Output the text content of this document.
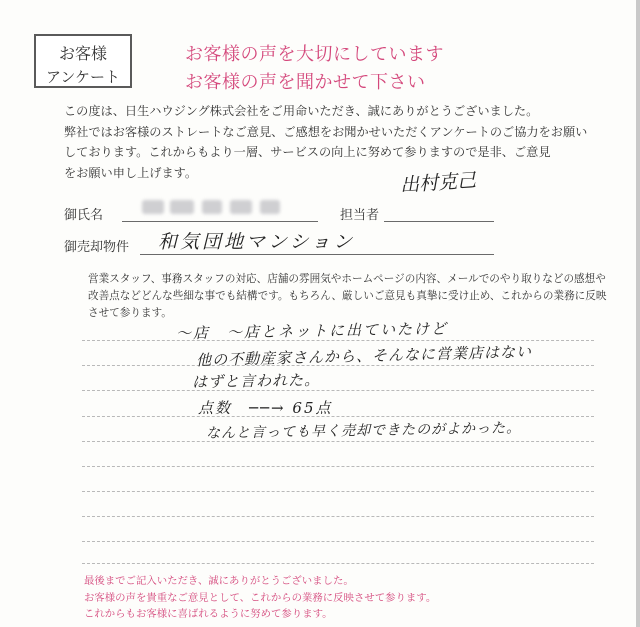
お客様
アンケート
お客様の声を大切にしています
お客様の声を聞かせて下さい
この度は、日生ハウジング株式会社をご用命いただき、誠にありがとうございました。
弊社ではお客様のストレートなご意見、ご感想をお聞かせいただくアンケートのご協力をお願い
しております。これからもより一層、サービスの向上に努めて参りますので是非、ご意見
をお願い申し上げます。	出村克己
御氏名	担当者
御売却物件 和気団地マンション
営業スタッフ、事務スタッフの対応、店舗の雰囲気やホームページの内容、メールでのやり取りなどの感想や
改善点などどんな些細な事でも結構です。もちろん、厳しいご意見も真摯に受け止め、これからの業務に反映
させて参ります。
〜店　〜店とネットに出ていたけど
他の不動産家さんから、そんなに営業店はない
はずと言われた。
点数　──→ 65点
なんと言っても早く売却できたのがよかった。
最後までご記入いただき、誠にありがとうございました。
お客様の声を貴重なご意見として、これからの業務に反映させて参ります。
これからもお客様に喜ばれるように努めて参ります。
